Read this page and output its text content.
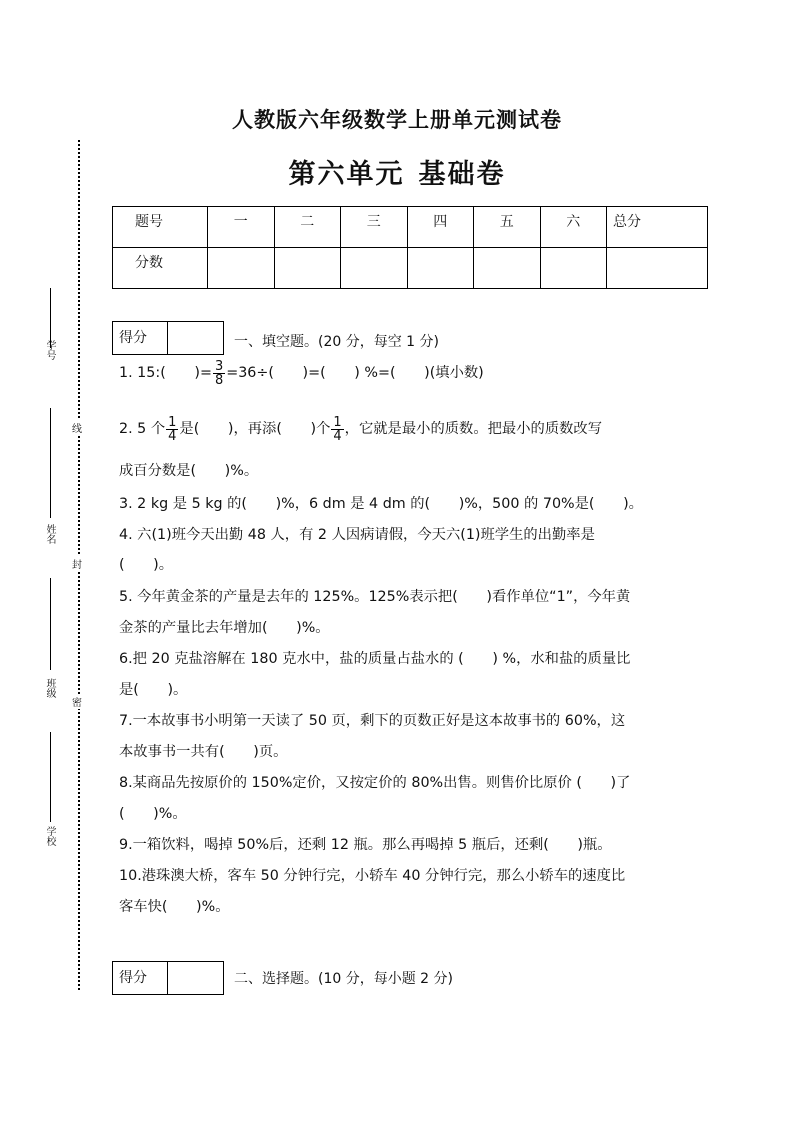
学号
姓名
班级
学校
线
封
密
人教版六年级数学上册单元测试卷
第六单元 基础卷
题号	一	二	三	四	五	六	总分
分数							
得分	一、填空题。(20 分，每空 1 分)
1. 15:(　　)= $\frac{3}{8} =36\div$(　　)=(　　) %=(　　)(填小数)
2. 5 个 $\frac{1}{4}$ 是(　　)，再添(　　)个 $\frac{1}{4}$ ，它就是最小的质数。把最小的质数改写
成百分数是(　　)%。
3. 2 kg 是 5 kg 的(　　)%，6 dm 是 4 dm 的(　　)%，500 的 70%是(　　)。
4. 六(1)班今天出勤 48 人，有 2 人因病请假，今天六(1)班学生的出勤率是
(　　)。
5. 今年黄金茶的产量是去年的 125%。125%表示把(　　)看作单位“1”，今年黄
金茶的产量比去年增加(　　)%。
6.把 20 克盐溶解在 180 克水中，盐的质量占盐水的 (　　) %，水和盐的质量比
是(　　)。
7.一本故事书小明第一天读了 50 页，剩下的页数正好是这本故事书的 60%，这
本故事书一共有(　　)页。
8.某商品先按原价的 150%定价，又按定价的 80%出售。则售价比原价 (　　)了
(　　)%。
9.一箱饮料，喝掉 50%后，还剩 12 瓶。那么再喝掉 5 瓶后，还剩(　　)瓶。
10.港珠澳大桥，客车 50 分钟行完，小轿车 40 分钟行完，那么小轿车的速度比
客车快(　　)%。
得分	二、选择题。(10 分，每小题 2 分)
